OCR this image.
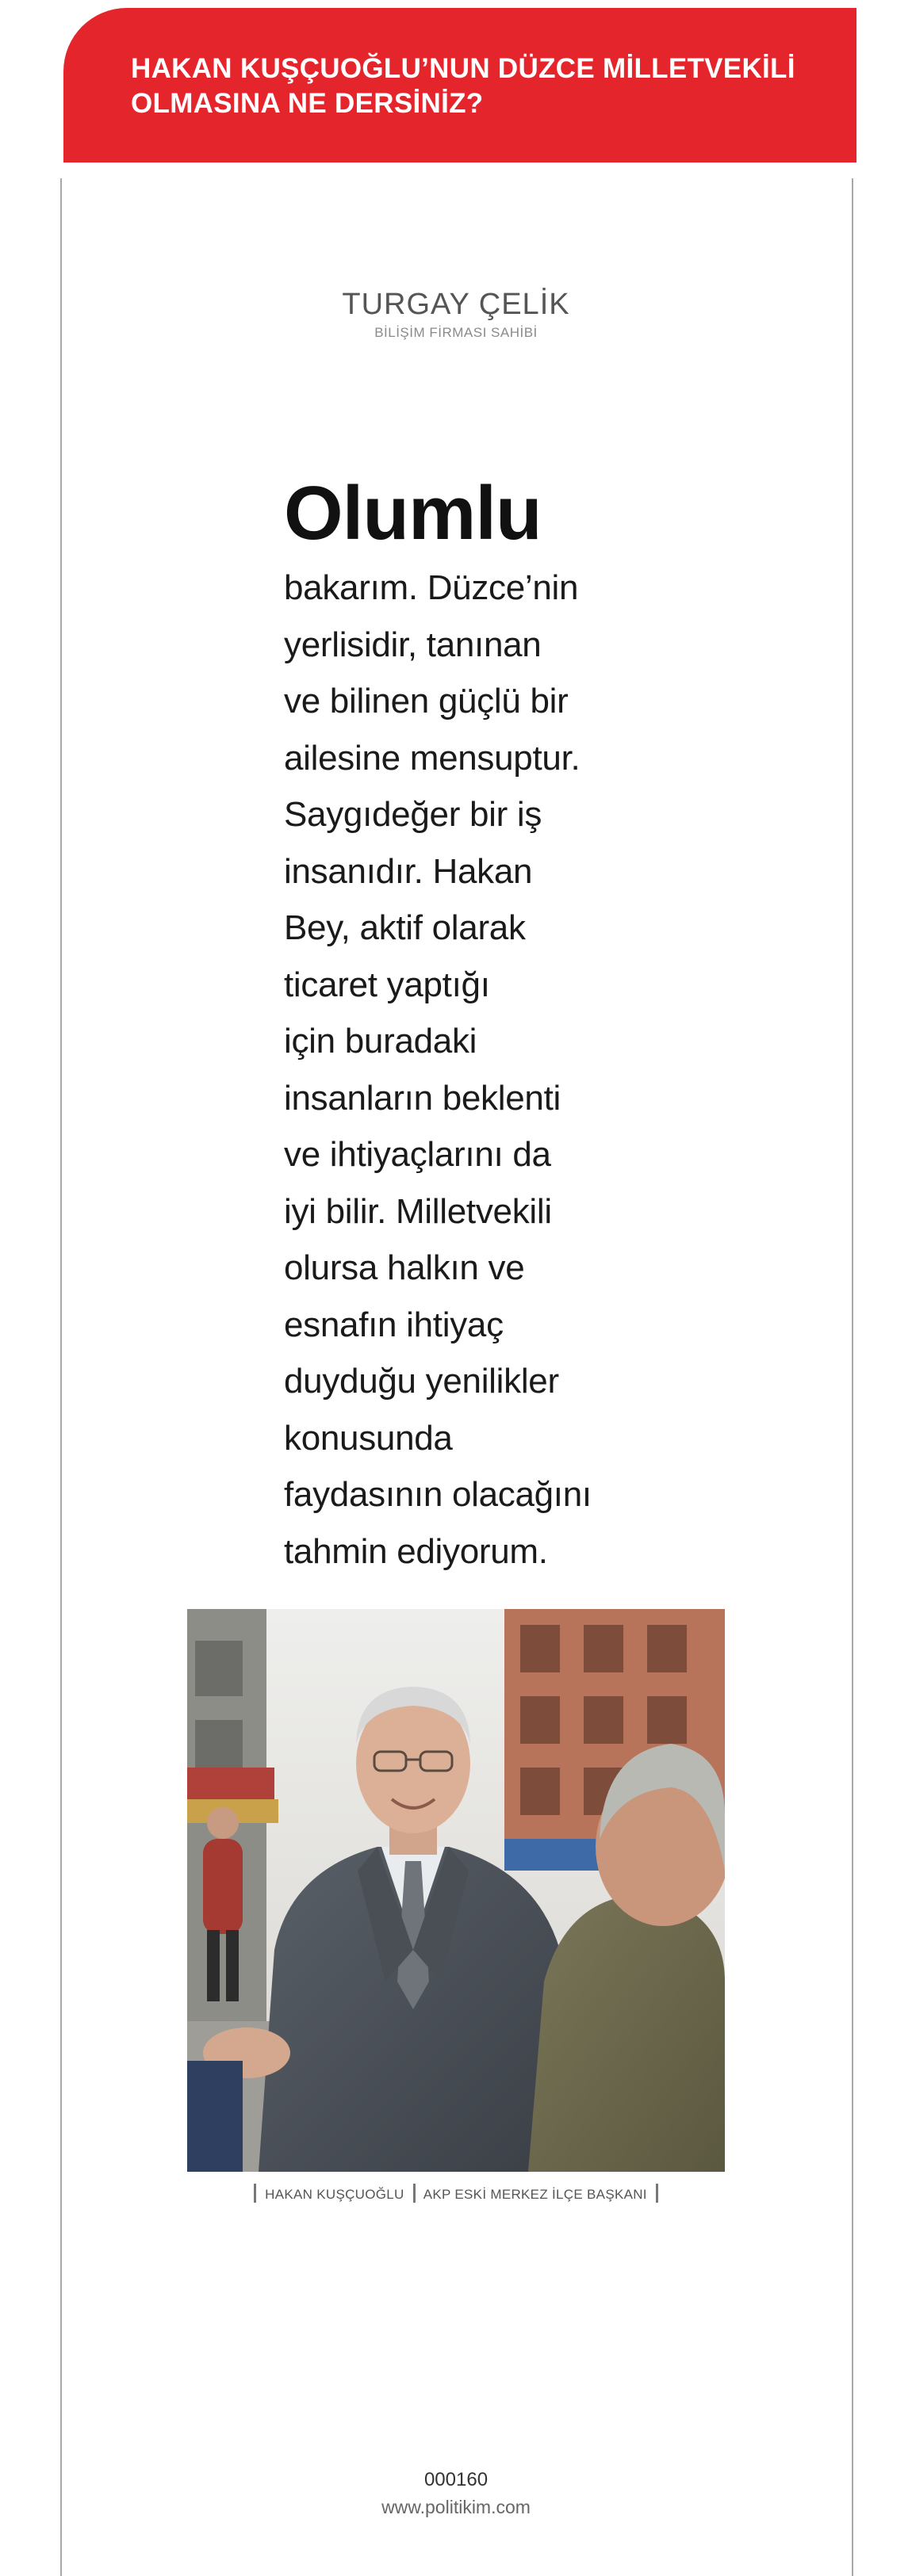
HAKAN KUŞÇUOĞLU’NUN DÜZCE MİLLETVEKİLİ OLMASINA NE DERSİNİZ?
TURGAY ÇELİK
BİLİŞİM FİRMASI SAHİBİ
Olumlu

bakarım. Düzce’nin
yerlisidir, tanınan
ve bilinen güçlü bir
ailesine mensuptur.
Saygıdeğer bir iş
insanıdır. Hakan
Bey, aktif olarak
ticaret yaptığı
için buradaki
insanların beklenti
ve ihtiyaçlarını da
iyi bilir. Milletvekili
olursa halkın ve
esnafın ihtiyaç
duyduğu yenilikler
konusunda
faydasının olacağını
tahmin ediyorum.

HAKAN KUŞÇUOĞLU AKP ESKİ MERKEZ İLÇE BAŞKANI
000160
www.politikim.com
